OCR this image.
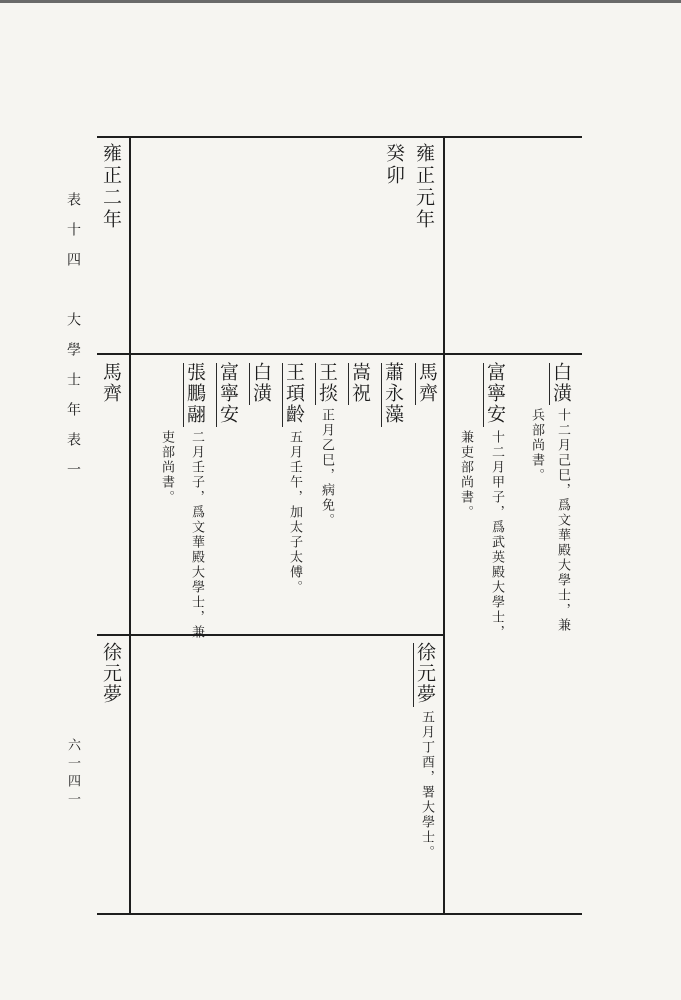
雍正二年	雍正元年
癸卯
馬齊
徐元夢
白潢
十二月己巳，爲文華殿大學士，兼
兵部尚書。
富寧安
十二月甲子，爲武英殿大學士，
兼吏部尚書。
馬齊
蕭永藻
嵩祝
王掞
正月乙巳，病免。
王頊齡
五月壬午，加太子太傅。
白潢
富寧安
張鵬翮
二月壬子，爲文華殿大學士，兼
吏部尚書。
徐元夢
五月丁酉，署大學士。
表十四　大學士年表一
六一四一
